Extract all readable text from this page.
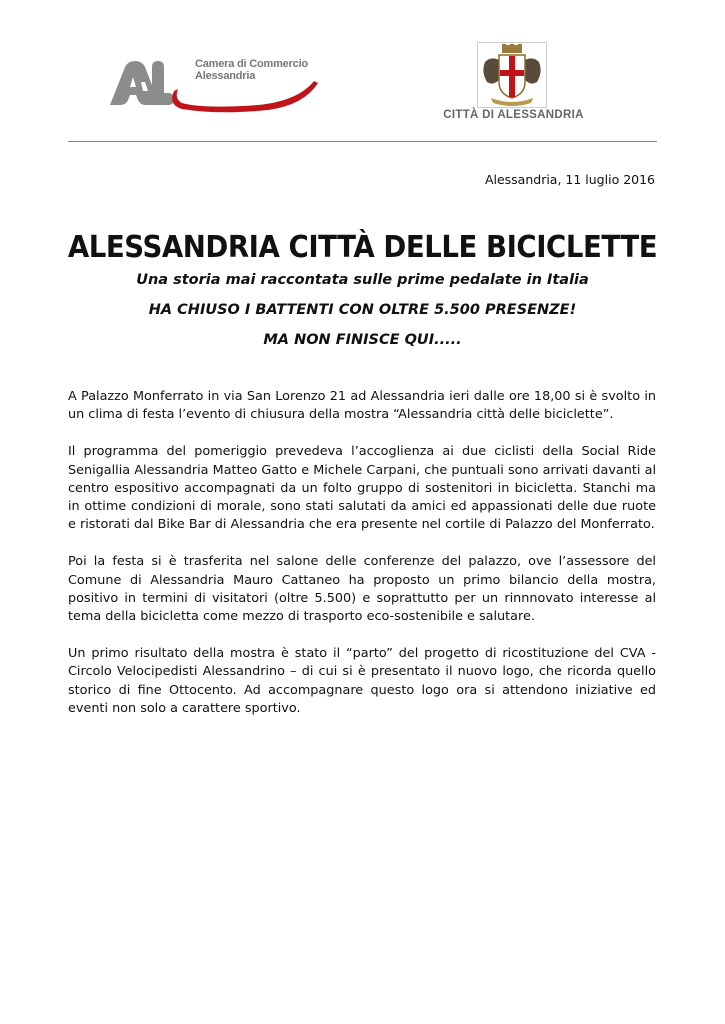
Camera di Commercio
Alessandria
CITTÀ DI ALESSANDRIA
Alessandria, 11 luglio 2016
ALESSANDRIA CITTÀ DELLE BICICLETTE
Una storia mai raccontata sulle prime pedalate in Italia
HA CHIUSO I BATTENTI CON OLTRE 5.500 PRESENZE!
MA NON FINISCE QUI.....

A Palazzo Monferrato in via San Lorenzo 21 ad Alessandria ieri dalle ore 18,00 si è svolto in un clima di festa l’evento di chiusura della mostra “Alessandria città delle biciclette”.

Il programma del pomeriggio prevedeva l’accoglienza ai due ciclisti della Social Ride Senigallia Alessandria Matteo Gatto e Michele Carpani, che puntuali sono arrivati davanti al centro espositivo accompagnati da un folto gruppo di sostenitori in bicicletta. Stanchi ma in ottime condizioni di morale, sono stati salutati da amici ed appassionati delle due ruote e ristorati dal Bike Bar di Alessandria che era presente nel cortile di Palazzo del Monferrato.

Poi la festa si è trasferita nel salone delle conferenze del palazzo, ove l’assessore del Comune di Alessandria Mauro Cattaneo ha proposto un primo bilancio della mostra, positivo in termini di visitatori (oltre 5.500) e soprattutto per un rinnnovato interesse al tema della bicicletta come mezzo di trasporto eco-sostenibile e salutare.

Un primo risultato della mostra è stato il “parto” del progetto di ricostituzione del CVA - Circolo Velocipedisti Alessandrino – di cui si è presentato il nuovo logo, che ricorda quello storico di fine Ottocento. Ad accompagnare questo logo ora si attendono iniziative ed eventi non solo a carattere sportivo.
